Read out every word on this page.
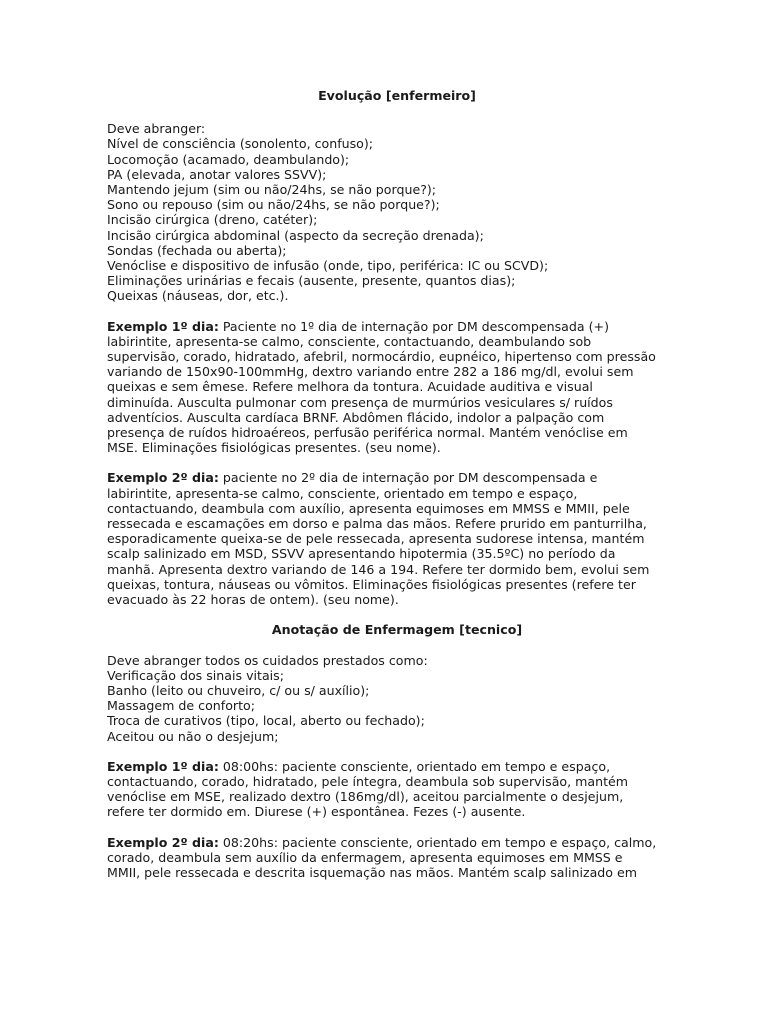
Evolução [enfermeiro]
Deve abranger:
Nível de consciência (sonolento, confuso);
Locomoção (acamado, deambulando);
PA (elevada, anotar valores SSVV);
Mantendo jejum (sim ou não/24hs, se não porque?);
Sono ou repouso (sim ou não/24hs, se não porque?);
Incisão cirúrgica (dreno, catéter);
Incisão cirúrgica abdominal (aspecto da secreção drenada);
Sondas (fechada ou aberta);
Venóclise e dispositivo de infusão (onde, tipo, periférica: IC ou SCVD);
Eliminações urinárias e fecais (ausente, presente, quantos dias);
Queixas (náuseas, dor, etc.).
Exemplo 1º dia: Paciente no 1º dia de internação por DM descompensada (+)
labirintite, apresenta-se calmo, consciente, contactuando, deambulando sob
supervisão, corado, hidratado, afebril, normocárdio, eupnéico, hipertenso com pressão
variando de 150x90-100mmHg, dextro variando entre 282 a 186 mg/dl, evolui sem
queixas e sem êmese. Refere melhora da tontura. Acuidade auditiva e visual
diminuída. Ausculta pulmonar com presença de murmúrios vesiculares s/ ruídos
adventícios. Ausculta cardíaca BRNF. Abdômen flácido, indolor a palpação com
presença de ruídos hidroaéreos, perfusão periférica normal. Mantém venóclise em
MSE. Eliminações fisiológicas presentes. (seu nome).
Exemplo 2º dia: paciente no 2º dia de internação por DM descompensada e
labirintite, apresenta-se calmo, consciente, orientado em tempo e espaço,
contactuando, deambula com auxílio, apresenta equimoses em MMSS e MMII, pele
ressecada e escamações em dorso e palma das mãos. Refere prurido em panturrilha,
esporadicamente queixa-se de pele ressecada, apresenta sudorese intensa, mantém
scalp salinizado em MSD, SSVV apresentando hipotermia (35.5ºC) no período da
manhã. Apresenta dextro variando de 146 a 194. Refere ter dormido bem, evolui sem
queixas, tontura, náuseas ou vômitos. Eliminações fisiológicas presentes (refere ter
evacuado às 22 horas de ontem). (seu nome).
Anotação de Enfermagem [tecnico]
Deve abranger todos os cuidados prestados como:
Verificação dos sinais vitais;
Banho (leito ou chuveiro, c/ ou s/ auxílio);
Massagem de conforto;
Troca de curativos (tipo, local, aberto ou fechado);
Aceitou ou não o desjejum;
Exemplo 1º dia: 08:00hs: paciente consciente, orientado em tempo e espaço,
contactuando, corado, hidratado, pele íntegra, deambula sob supervisão, mantém
venóclise em MSE, realizado dextro (186mg/dl), aceitou parcialmente o desjejum,
refere ter dormido em. Diurese (+) espontânea. Fezes (-) ausente.
Exemplo 2º dia: 08:20hs: paciente consciente, orientado em tempo e espaço, calmo,
corado, deambula sem auxílio da enfermagem, apresenta equimoses em MMSS e
MMII, pele ressecada e descrita isquemação nas mãos. Mantém scalp salinizado em
